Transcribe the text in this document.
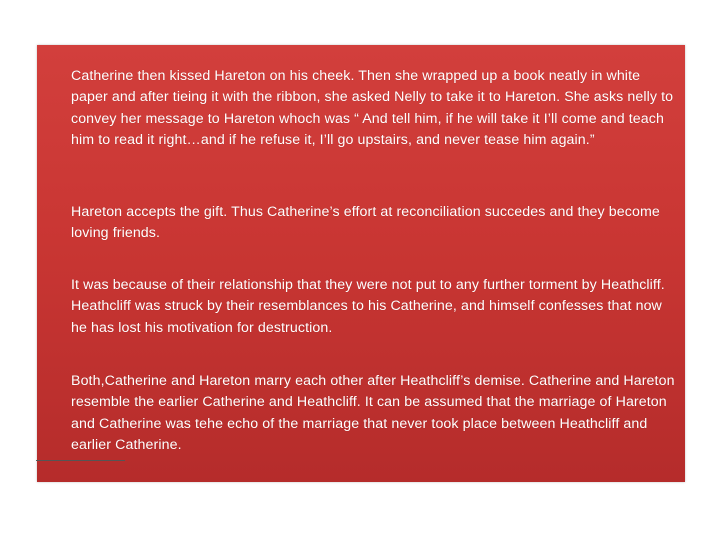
•	Catherine then kissed Hareton on his cheek. Then she wrapped up a book neatly in white paper and after tieing it with the ribbon, she asked Nelly to take it to Hareton. She asks nelly to convey her message to Hareton whoch was “ And tell him, if he will take it I’ll come and teach him to read it right…and if he refuse it, I’ll go upstairs, and never tease him again.”
•	Hareton accepts the gift. Thus Catherine’s effort at reconciliation succedes and they become loving friends.
•	It was because of their relationship that they were not put to any further torment by Heathcliff. Heathcliff was struck by their resemblances to his Catherine, and himself confesses that now he has lost his motivation for destruction.
•	Both,Catherine and Hareton marry each other after Heathcliff’s demise. Catherine and Hareton resemble the earlier Catherine and Heathcliff. It can be assumed that the marriage of Hareton and Catherine was tehe echo of the marriage that never took place between Heathcliff and earlier Catherine.
